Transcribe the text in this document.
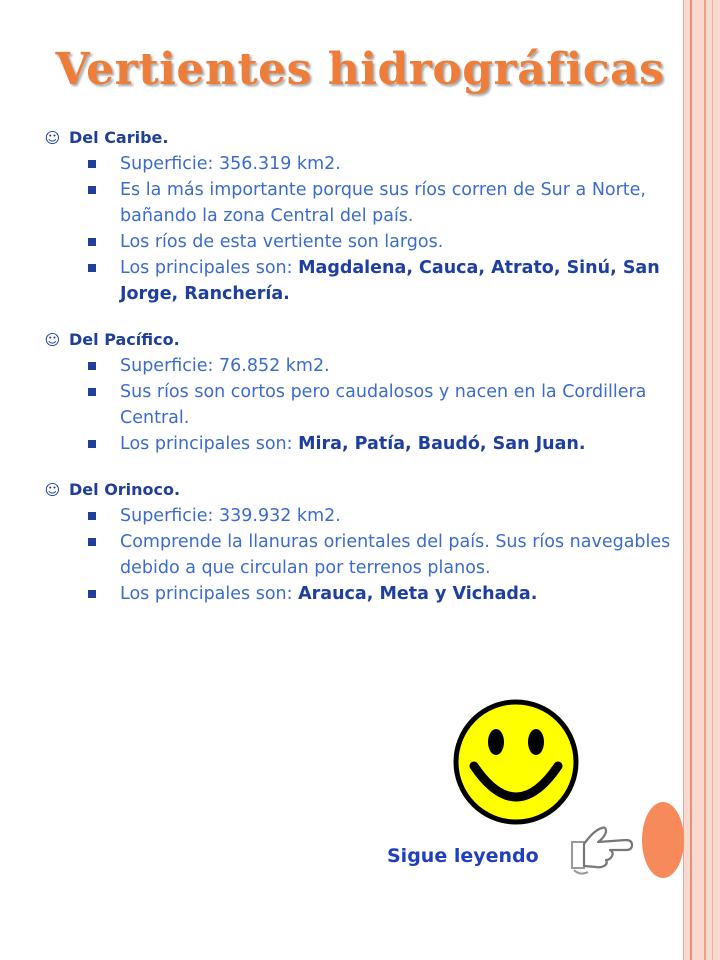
Vertientes hidrográficas
☺ Del Caribe.
Superficie: 356.319 km2.
Es la más importante porque sus ríos corren de Sur a Norte, bañando la zona Central del país.
Los ríos de esta vertiente son largos.
Los principales son: Magdalena, Cauca, Atrato, Sinú, San Jorge, Ranchería.
☺ Del Pacífico.
Superficie: 76.852 km2.
Sus ríos son cortos pero caudalosos y nacen en la Cordillera Central.
Los principales son: Mira, Patía, Baudó, San Juan.
☺ Del Orinoco.
Superficie: 339.932 km2.
Comprende la llanuras orientales del país. Sus ríos navegables debido a que circulan por terrenos planos.
Los principales son: Arauca, Meta y Vichada.
Sigue leyendo
